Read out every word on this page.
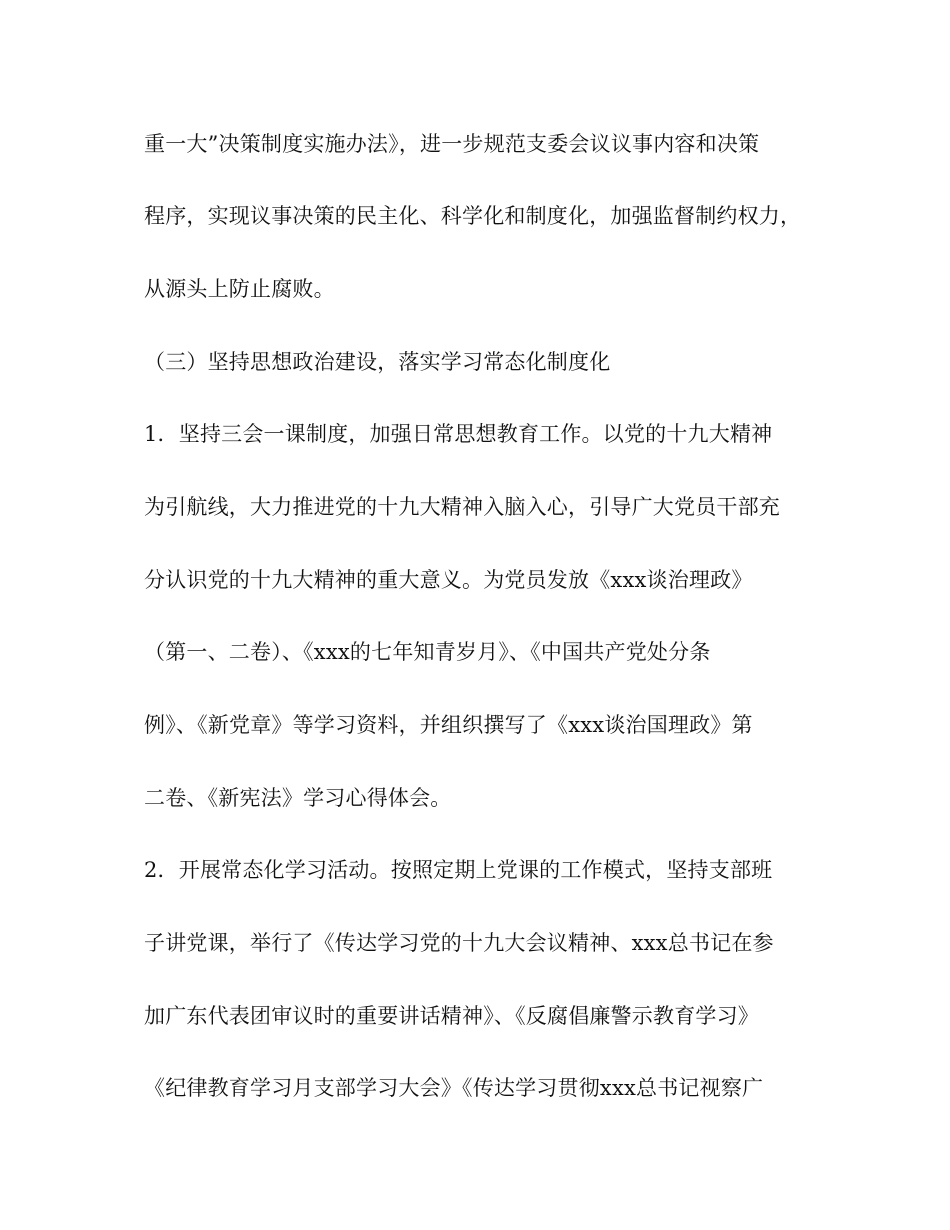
重一大”决策制度实施办法》，进一步规范支委会议议事内容和决策
程序，实现议事决策的民主化、科学化和制度化，加强监督制约权力，
从源头上防止腐败。
（三）坚持思想政治建设，落实学习常态化制度化
1．坚持三会一课制度，加强日常思想教育工作。以党的十九大精神
为引航线，大力推进党的十九大精神入脑入心，引导广大党员干部充
分认识党的十九大精神的重大意义。为党员发放《xxx谈治理政》
（第一、二卷）、《xxx的七年知青岁月》、《中国共产党处分条
例》、《新党章》等学习资料，并组织撰写了《xxx谈治国理政》第
二卷、《新宪法》学习心得体会。
2．开展常态化学习活动。按照定期上党课的工作模式，坚持支部班
子讲党课，举行了《传达学习党的十九大会议精神、xxx总书记在参
加广东代表团审议时的重要讲话精神》、《反腐倡廉警示教育学习》
《纪律教育学习月支部学习大会》《传达学习贯彻xxx总书记视察广
